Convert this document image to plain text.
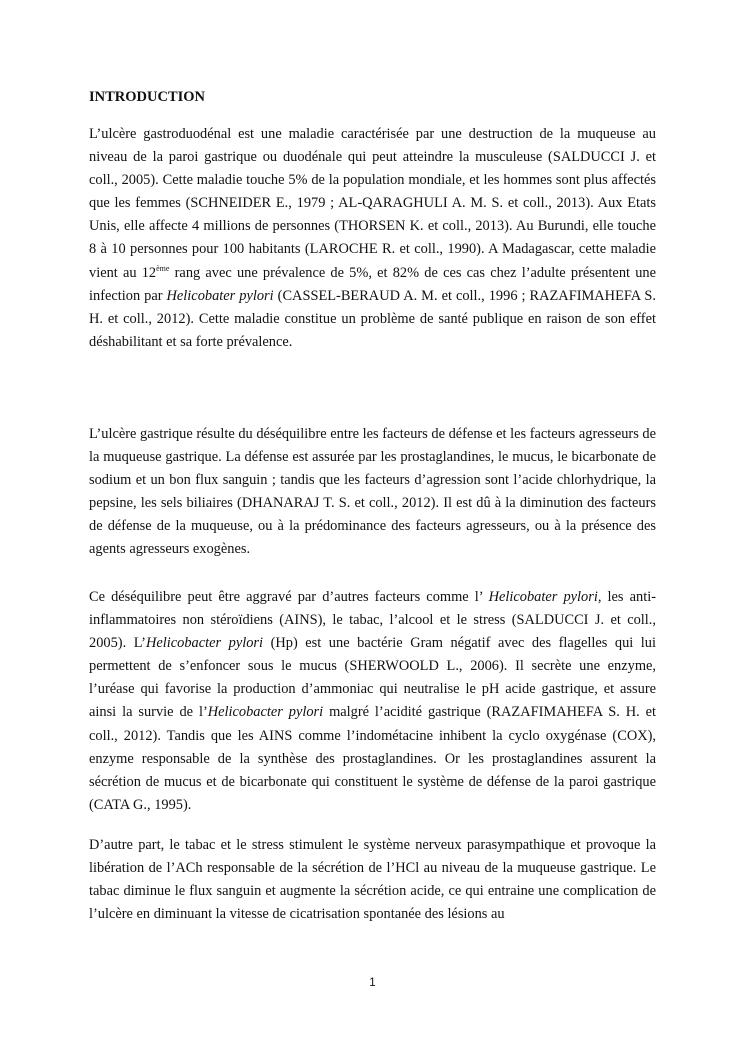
INTRODUCTION

L’ulcère gastroduodénal est une maladie caractérisée par une destruction de la muqueuse au niveau de la paroi gastrique ou duodénale qui peut atteindre la musculeuse (SALDUCCI J. et coll., 2005). Cette maladie touche 5% de la population mondiale, et les hommes sont plus affectés que les femmes (SCHNEIDER E., 1979 ; AL-QARAGHULI A. M. S. et coll., 2013). Aux Etats Unis, elle affecte 4 millions de personnes (THORSEN K. et coll., 2013). Au Burundi, elle touche 8 à 10 personnes pour 100 habitants (LAROCHE R. et coll., 1990). A Madagascar, cette maladie vient au 12ème rang avec une prévalence de 5%, et 82% de ces cas chez l’adulte présentent une infection par Helicobater pylori (CASSEL-BERAUD A. M. et coll., 1996 ; RAZAFIMAHEFA S. H. et coll., 2012). Cette maladie constitue un problème de santé publique en raison de son effet déshabilitant et sa forte prévalence.

L’ulcère gastrique résulte du déséquilibre entre les facteurs de défense et les facteurs agresseurs de la muqueuse gastrique. La défense est assurée par les prostaglandines, le mucus, le bicarbonate de sodium et un bon flux sanguin ; tandis que les facteurs d’agression sont l’acide chlorhydrique, la pepsine, les sels biliaires (DHANARAJ T. S. et coll., 2012). Il est dû à la diminution des facteurs de défense de la muqueuse, ou à la prédominance des facteurs agresseurs, ou à la présence des agents agresseurs exogènes.

Ce déséquilibre peut être aggravé par d’autres facteurs comme l’ Helicobater pylori, les anti-inflammatoires non stéroïdiens (AINS), le tabac, l’alcool et le stress (SALDUCCI J. et coll., 2005). L’Helicobacter pylori (Hp) est une bactérie Gram négatif avec des flagelles qui lui permettent de s’enfoncer sous le mucus (SHERWOOLD L., 2006). Il secrète une enzyme, l’uréase qui favorise la production d’ammoniac qui neutralise le pH acide gastrique, et assure ainsi la survie de l’Helicobacter pylori malgré l’acidité gastrique (RAZAFIMAHEFA S. H. et coll., 2012). Tandis que les AINS comme l’indométacine inhibent la cyclo oxygénase (COX), enzyme responsable de la synthèse des prostaglandines. Or les prostaglandines assurent la sécrétion de mucus et de bicarbonate qui constituent le système de défense de la paroi gastrique (CATA G., 1995).

D’autre part, le tabac et le stress stimulent le système nerveux parasympathique et provoque la libération de l’ACh responsable de la sécrétion de l’HCl au niveau de la muqueuse gastrique. Le tabac diminue le flux sanguin et augmente la sécrétion acide, ce qui entraine une complication de l’ulcère en diminuant la vitesse de cicatrisation spontanée des lésions au

1
